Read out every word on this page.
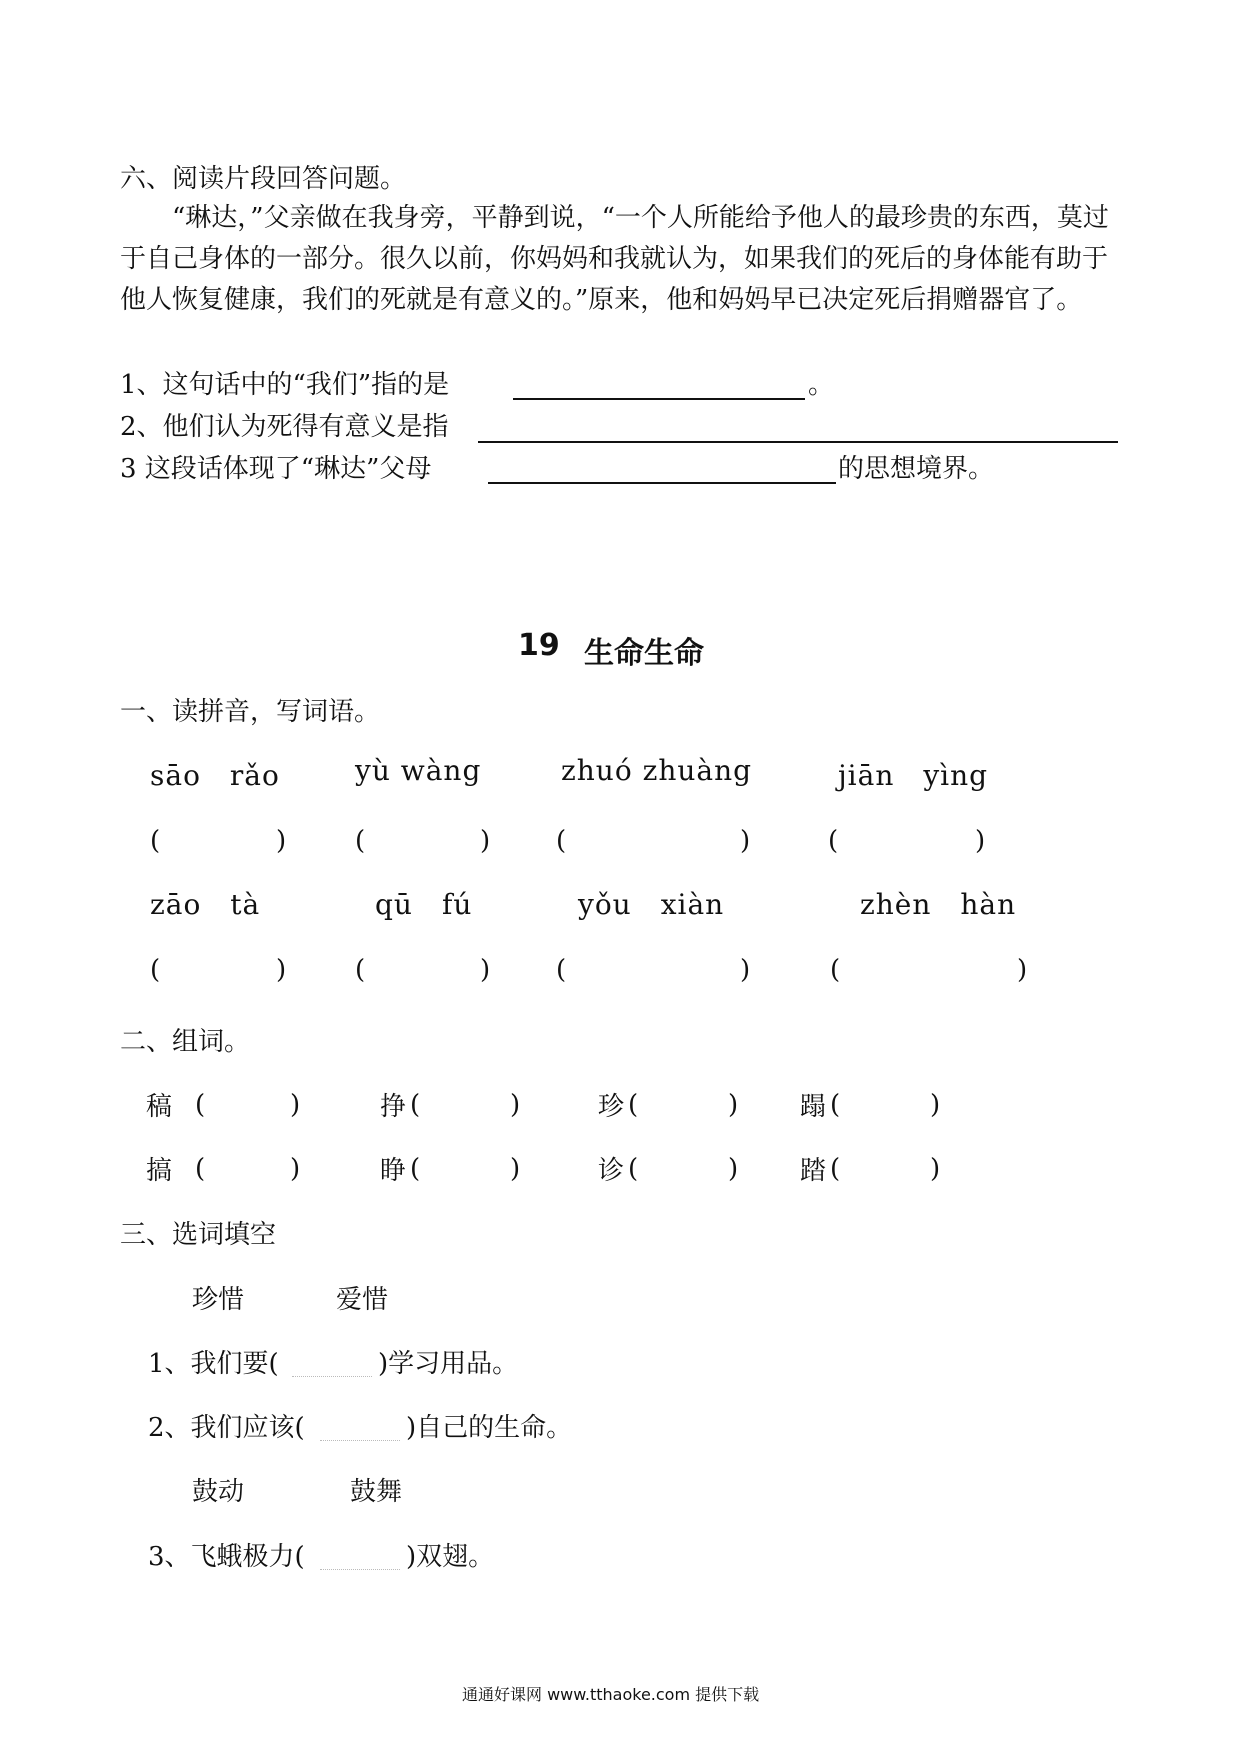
六、阅读片段回答问题。
“琳达，”父亲做在我身旁，平静到说，“一个人所能给予他人的最珍贵的东西，莫过于自己身体的一部分。很久以前，你妈妈和我就认为，如果我们的死后的身体能有助于他人恢复健康，我们的死就是有意义的。”原来，他和妈妈早已决定死后捐赠器官了。
1、这句话中的“我们”指的是	。
2、他们认为死得有意义是指
3 这段话体现了“琳达”父母	的思想境界。
19 生命生命
一、读拼音，写词语。
sāo　rǎo	yù wàng	zhuó zhuàng	jiān　yìng
(	)	(	)	(	)	(	)
zāo　tà	qū　fú	yǒu　xiàn	zhèn　hàn
(	)	(	)	(	)	(	)
二、组词。
稿 (	)	挣 (	)	珍 (	) 蹋 (	)
搞 (	)	睁 (	)	诊 (	) 踏 (	)
三、选词填空
珍惜	爱惜
1、我们要(	)学习用品。
2、我们应该(	)自己的生命。
鼓动	鼓舞
3、飞蛾极力(	)双翅。
通通好课网 www.tthaoke.com 提供下载
